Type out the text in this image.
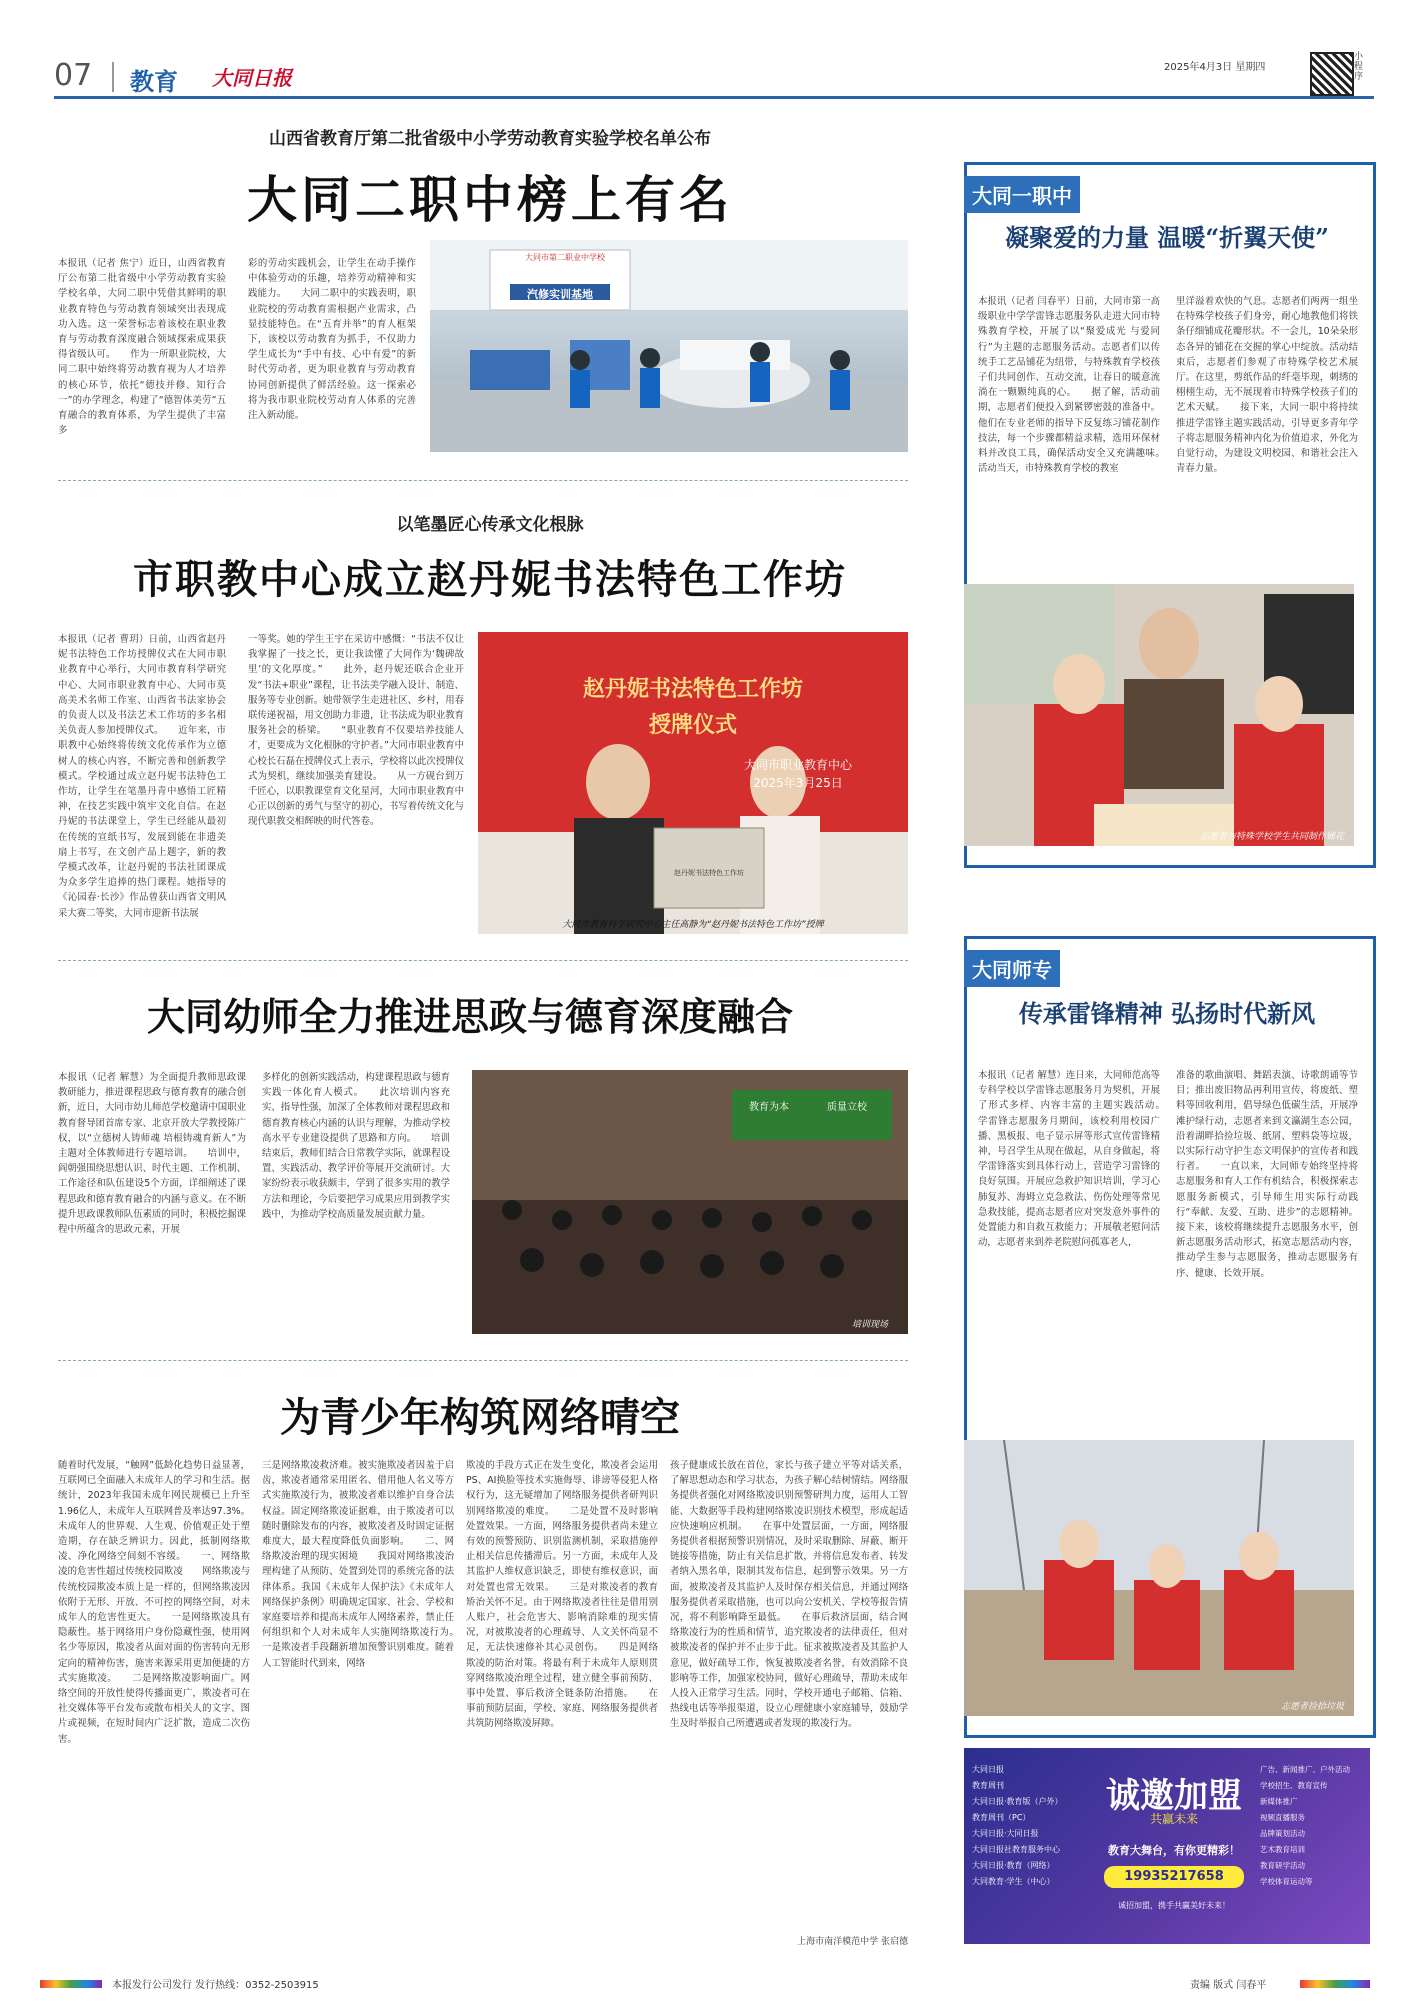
07 教育 大同日报	2025年4月3日 星期四
小程序
山西省教育厅第二批省级中小学劳动教育实验学校名单公布
大同二职中榜上有名
本报讯（记者 焦宁）近日，山西省教育厅公布第二批省级中小学劳动教育实验学校名单，大同二职中凭借其鲜明的职业教育特色与劳动教育领域突出表现成功入选。这一荣誉标志着该校在职业教育与劳动教育深度融合领域探索成果获得省级认可。　　作为一所职业院校，大同二职中始终将劳动教育视为人才培养的核心环节，依托“德技并修、知行合一”的办学理念，构建了“德智体美劳”五育融合的教育体系，为学生提供了丰富多
彩的劳动实践机会，让学生在动手操作中体验劳动的乐趣，培养劳动精神和实践能力。　　大同二职中的实践表明，职业院校的劳动教育需根据产业需求，凸显技能特色。在“五育并举”的育人框架下，该校以劳动教育为抓手，不仅助力学生成长为“手中有技、心中有爱”的新时代劳动者，更为职业教育与劳动教育协同创新提供了鲜活经验。这一探索必将为我市职业院校劳动育人体系的完善注入新动能。
大同市第二职业中学校
汽修实训基地
以笔墨匠心传承文化根脉
市职教中心成立赵丹妮书法特色工作坊
本报讯（记者 曹玥）日前，山西省赵丹妮书法特色工作坊授牌仪式在大同市职业教育中心举行，大同市教育科学研究中心、大同市职业教育中心、大同市莫高美术名师工作室、山西省书法家协会的负责人以及书法艺术工作坊的多名相关负责人参加授牌仪式。　　近年来，市职教中心始终将传统文化传承作为立德树人的核心内容，不断完善和创新教学模式。学校通过成立赵丹妮书法特色工作坊，让学生在笔墨丹青中感悟工匠精神，在技艺实践中筑牢文化自信。在赵丹妮的书法课堂上，学生已经能从最初在传统的宣纸书写，发展到能在非遗美扇上书写，在文创产品上题字，新的教学模式改革，让赵丹妮的书法社团课成为众多学生追捧的热门课程。她指导的《沁园春·长沙》作品曾获山西省文明风采大赛二等奖，大同市迎新书法展
一等奖。她的学生王宇在采访中感慨：“书法不仅让我掌握了一技之长，更让我读懂了大同作为‘魏碑故里’的文化厚度。”　　此外，赵丹妮还联合企业开发“书法+职业”课程，让书法美学融入设计、制造、服务等专业创新。她带领学生走进社区、乡村，用春联传递祝福，用文创助力非遗，让书法成为职业教育服务社会的桥梁。　　“职业教育不仅要培养技能人才，更要成为文化根脉的守护者。”大同市职业教育中心校长石磊在授牌仪式上表示，学校将以此次授牌仪式为契机，继续加强美育建设。　　从一方砚台到万千匠心，以职教课堂育文化星河，大同市职业教育中心正以创新的勇气与坚守的初心，书写着传统文化与现代职教交相辉映的时代答卷。
赵丹妮书法特色工作坊
授牌仪式
大同市职业教育中心
2025年3月25日
赵丹妮书法特色工作坊
大同市教育科学研究中心主任高静为“赵丹妮书法特色工作坊”授牌
大同幼师全力推进思政与德育深度融合
本报讯（记者 解慧）为全面提升教师思政课教研能力，推进课程思政与德育教育的融合创新，近日，大同市幼儿师范学校邀请中国职业教育督导团首席专家、北京开放大学教授陈广权，以“立德树人铸师魂 培根铸魂育新人”为主题对全体教师进行专题培训。　　培训中，阎朝强围绕思想认识、时代主题、工作机制、工作途径和队伍建设5个方面，详细阐述了课程思政和德育教育融合的内涵与意义。在不断提升思政课教师队伍素质的同时，积极挖掘课程中所蕴含的思政元素，开展
多样化的创新实践活动，构建课程思政与德育实践一体化育人模式。　　此次培训内容充实、指导性强，加深了全体教师对课程思政和德育教育核心内涵的认识与理解，为推动学校高水平专业建设提供了思路和方向。　　培训结束后，教师们结合日常教学实际，就课程设置、实践活动、教学评价等展开交流研讨。大家纷纷表示收获颇丰，学到了很多实用的教学方法和理论，今后要把学习成果应用到教学实践中，为推动学校高质量发展贡献力量。
教育为本	质量立校
培训现场
为青少年构筑网络晴空
随着时代发展，“触网”低龄化趋势日益显著，互联网已全面融入未成年人的学习和生活。据统计，2023年我国未成年网民规模已上升至1.96亿人，未成年人互联网普及率达97.3%。未成年人的世界观、人生观、价值观正处于塑造期，存在缺乏辨识力。因此，抵制网络欺凌、净化网络空间刻不容缓。　　一、网络欺凌的危害性超过传统校园欺凌　　网络欺凌与传统校园欺凌本质上是一样的，但网络欺凌因依附于无形、开放、不可控的网络空间，对未成年人的危害性更大。　　一是网络欺凌具有隐蔽性。基于网络用户身份隐藏性强，使用网名少等原因，欺凌者从面对面的伤害转向无形定向的精神伤害，施害来源采用更加便捷的方式实施欺凌。　　二是网络欺凌影响面广。网络空间的开放性使得传播面更广，欺凌者可在社交媒体等平台发布或散布相关人的文字、图片或视频，在短时间内广泛扩散，造成二次伤害。
三是网络欺凌救济难。被实施欺凌者因羞于启齿，欺凌者通常采用匿名、借用他人名义等方式实施欺凌行为，被欺凌者难以维护自身合法权益。固定网络欺凌证据难，由于欺凌者可以随时删除发布的内容，被欺凌者及时固定证据难度大，最大程度降低负面影响。　　二、网络欺凌治理的现实困境　　我国对网络欺凌治理构建了从预防、处置到处罚的系统完备的法律体系。我国《未成年人保护法》《未成年人网络保护条例》明确规定国家、社会、学校和家庭要培养和提高未成年人网络素养，禁止任何组织和个人对未成年人实施网络欺凌行为。　　一是欺凌者手段翻新增加预警识别难度。随着人工智能时代到来，网络
欺凌的手段方式正在发生变化，欺凌者会运用PS、AI换脸等技术实施侮辱、诽谤等侵犯人格权行为，这无疑增加了网络服务提供者研判识别网络欺凌的难度。　　二是处置不及时影响处置效果。一方面，网络服务提供者尚未建立有效的预警预防、识别监测机制，采取措施停止相关信息传播滞后。另一方面，未成年人及其监护人维权意识缺乏，即使有维权意识，面对处置也常无效果。　　三是对欺凌者的教育矫治关怀不足。由于网络欺凌者往往是借用别人账户，社会危害大、影响消除难的现实情况，对被欺凌者的心理疏导、人文关怀尚显不足，无法快速修补其心灵创伤。　　四是网络欺凌的防治对策。将最有利于未成年人原则贯穿网络欺凌治理全过程，建立健全事前预防、事中处置、事后救济全链条防治措施。　　在事前预防层面，学校、家庭、网络服务提供者共筑防网络欺凌屏障。
孩子健康成长放在首位，家长与孩子建立平等对话关系，了解思想动态和学习状态，为孩子解心结树情结。网络服务提供者强化对网络欺凌识别预警研判力度，运用人工智能、大数据等手段构建网络欺凌识别技术模型，形成起适应快速响应机制。　　在事中处置层面，一方面，网络服务提供者根据预警识别情况，及时采取删除、屏蔽、断开链接等措施，防止有关信息扩散，并将信息发布者、转发者纳入黑名单，限制其发布信息，起到警示效果。另一方面，被欺凌者及其监护人及时保存相关信息，并通过网络服务提供者采取措施，也可以向公安机关、学校等报告情况，将不利影响降至最低。　　在事后救济层面，结合网络欺凌行为的性质和情节，追究欺凌者的法律责任，但对被欺凌者的保护并不止步于此。征求被欺凌者及其监护人意见，做好疏导工作，恢复被欺凌者名誉，有效消除不良影响等工作，加强家校协同，做好心理疏导，帮助未成年人投入正常学习生活。同时，学校开通电子邮箱、信箱、热线电话等举报渠道，设立心理健康小家庭辅导，鼓励学生及时举报自己所遭遇或者发现的欺凌行为。
上海市南洋模范中学 张启德
大同一职中
凝聚爱的力量 温暖“折翼天使”
本报讯（记者 闫春平）日前，大同市第一高级职业中学学雷锋志愿服务队走进大同市特殊教育学校，开展了以“聚爱成光 与爱同行”为主题的志愿服务活动。志愿者们以传统手工艺品铺花为纽带，与特殊教育学校孩子们共同创作、互动交流，让春日的暖意流淌在一颗颗纯真的心。　　据了解，活动前期，志愿者们便投入到紧锣密鼓的准备中。他们在专业老师的指导下反复练习铺花制作技法，每一个步骤都精益求精，选用环保材料并改良工具，确保活动安全又充满趣味。　　活动当天，市特殊教育学校的教室
里洋溢着欢快的气息。志愿者们两两一组坐在特殊学校孩子们身旁，耐心地教他们将铁条仔细铺成花瓣形状。不一会儿，10朵朵形态各异的铺花在交握的掌心中绽放。活动结束后，志愿者们参观了市特殊学校艺术展厅。在这里，剪纸作品的纤毫毕现，刺绣的栩栩生动，无不展现着市特殊学校孩子们的艺术天赋。　　接下来，大同一职中将持续推进学雷锋主题实践活动，引导更多青年学子将志愿服务精神内化为价值追求，外化为自觉行动，为建设文明校园、和谐社会注入青春力量。
志愿者与特殊学校学生共同制作铺花
大同师专
传承雷锋精神 弘扬时代新风
本报讯（记者 解慧）连日来，大同师范高等专科学校以学雷锋志愿服务月为契机，开展了形式多样、内容丰富的主题实践活动。　　学雷锋志愿服务月期间，该校利用校园广播、黑板报、电子显示屏等形式宣传雷锋精神，号召学生从现在做起，从自身做起，将学雷锋落实到具体行动上，营造学习雷锋的良好氛围。开展应急救护知识培训，学习心肺复苏、海姆立克急救法、伤伤处理等常见急救技能，提高志愿者应对突发意外事件的处置能力和自救互救能力；开展敬老慰问活动，志愿者来到养老院慰问孤寡老人，
准备的歌曲演唱、舞蹈表演、诗歌朗诵等节目；推出废旧物品再利用宣传，将废纸、塑料等回收利用，倡导绿色低碳生活，开展净滩护绿行动，志愿者来到文瀛湖生态公园，沿着湖畔拾捡垃圾、纸屑、塑料袋等垃圾，以实际行动守护生态文明保护的宣传者和践行者。　　一直以来，大同师专始终坚持将志愿服务和育人工作有机结合，积极探索志愿服务新模式，引导师生用实际行动践行“奉献、友爱、互助、进步”的志愿精神。接下来，该校将继续提升志愿服务水平，创新志愿服务活动形式，拓宽志愿活动内容，推动学生参与志愿服务，推动志愿服务有序、健康、长效开展。
志愿者捡拾垃圾
大同日报
教育周刊
大同日报·教育版（户外）
教育周刊（PC）
大同日报·大同日报
大同日报社教育服务中心
大同日报·教育（网络）
大同教育·学生（中心）
诚邀加盟
共赢未来
教育大舞台，有你更精彩！
19935217658
诚招加盟，携手共赢美好未来！
广告、新闻推广、户外活动
学校招生、教育宣传
新媒体推广
视频直播服务
品牌策划活动
艺术教育培训
教育研学活动
学校体育运动等
本报发行公司发行 发行热线：0352-2503915	责编 版式 闫春平
